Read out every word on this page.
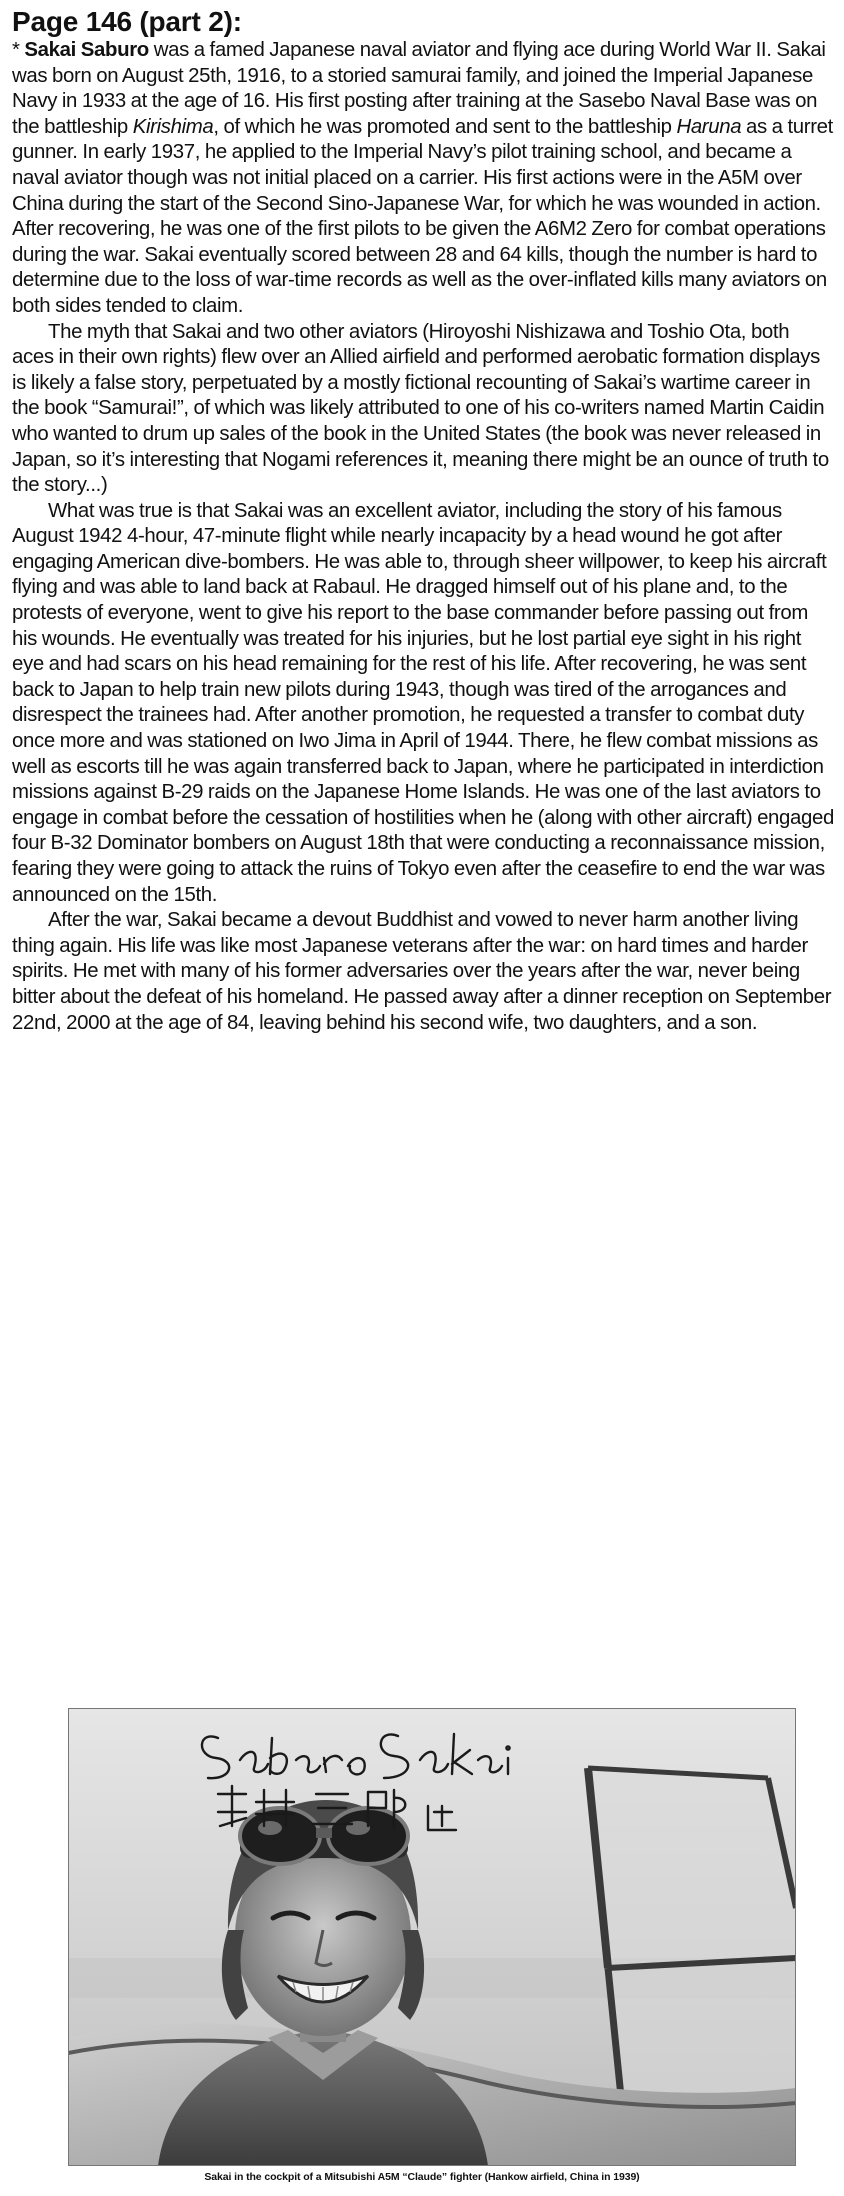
Page 146 (part 2):

* Sakai Saburo was a famed Japanese naval aviator and flying ace during World War II. Sakai was born on August 25th, 1916, to a storied samurai family, and joined the Imperial Japanese Navy in 1933 at the age of 16. His first posting after training at the Sasebo Naval Base was on the battleship Kirishima, of which he was promoted and sent to the battleship Haruna as a turret gunner. In early 1937, he applied to the Imperial Navy’s pilot training school, and became a naval aviator though was not initial placed on a carrier. His first actions were in the A5M over China during the start of the Second Sino-Japanese War, for which he was wounded in action. After recovering, he was one of the first pilots to be given the A6M2 Zero for combat operations during the war. Sakai eventually scored between 28 and 64 kills, though the number is hard to determine due to the loss of war-time records as well as the over-inflated kills many aviators on both sides tended to claim.

The myth that Sakai and two other aviators (Hiroyoshi Nishizawa and Toshio Ota, both aces in their own rights) flew over an Allied airfield and performed aerobatic formation displays is likely a false story, perpetuated by a mostly fictional recounting of Sakai’s wartime career in the book “Samurai!”, of which was likely attributed to one of his co-writers named Martin Caidin who wanted to drum up sales of the book in the United States (the book was never released in Japan, so it’s interesting that Nogami references it, meaning there might be an ounce of truth to the story...)

What was true is that Sakai was an excellent aviator, including the story of his famous August 1942 4-hour, 47-minute flight while nearly incapacity by a head wound he got after engaging American dive-bombers. He was able to, through sheer willpower, to keep his aircraft flying and was able to land back at Rabaul. He dragged himself out of his plane and, to the protests of everyone, went to give his report to the base commander before passing out from his wounds. He eventually was treated for his injuries, but he lost partial eye sight in his right eye and had scars on his head remaining for the rest of his life. After recovering, he was sent back to Japan to help train new pilots during 1943, though was tired of the arrogances and disrespect the trainees had. After another promotion, he requested a transfer to combat duty once more and was stationed on Iwo Jima in April of 1944. There, he flew combat missions as well as escorts till he was again transferred back to Japan, where he participated in interdiction missions against B-29 raids on the Japanese Home Islands. He was one of the last aviators to engage in combat before the cessation of hostilities when he (along with other aircraft) engaged four B-32 Dominator bombers on August 18th that were conducting a reconnaissance mission, fearing they were going to attack the ruins of Tokyo even after the ceasefire to end the war was announced on the 15th.

After the war, Sakai became a devout Buddhist and vowed to never harm another living thing again. His life was like most Japanese veterans after the war: on hard times and harder spirits. He met with many of his former adversaries over the years after the war, never being bitter about the defeat of his homeland. He passed away after a dinner reception on September 22nd, 2000 at the age of 84, leaving behind his second wife, two daughters, and a son.

Sakai in the cockpit of a Mitsubishi A5M “Claude” fighter (Hankow airfield, China in 1939)
